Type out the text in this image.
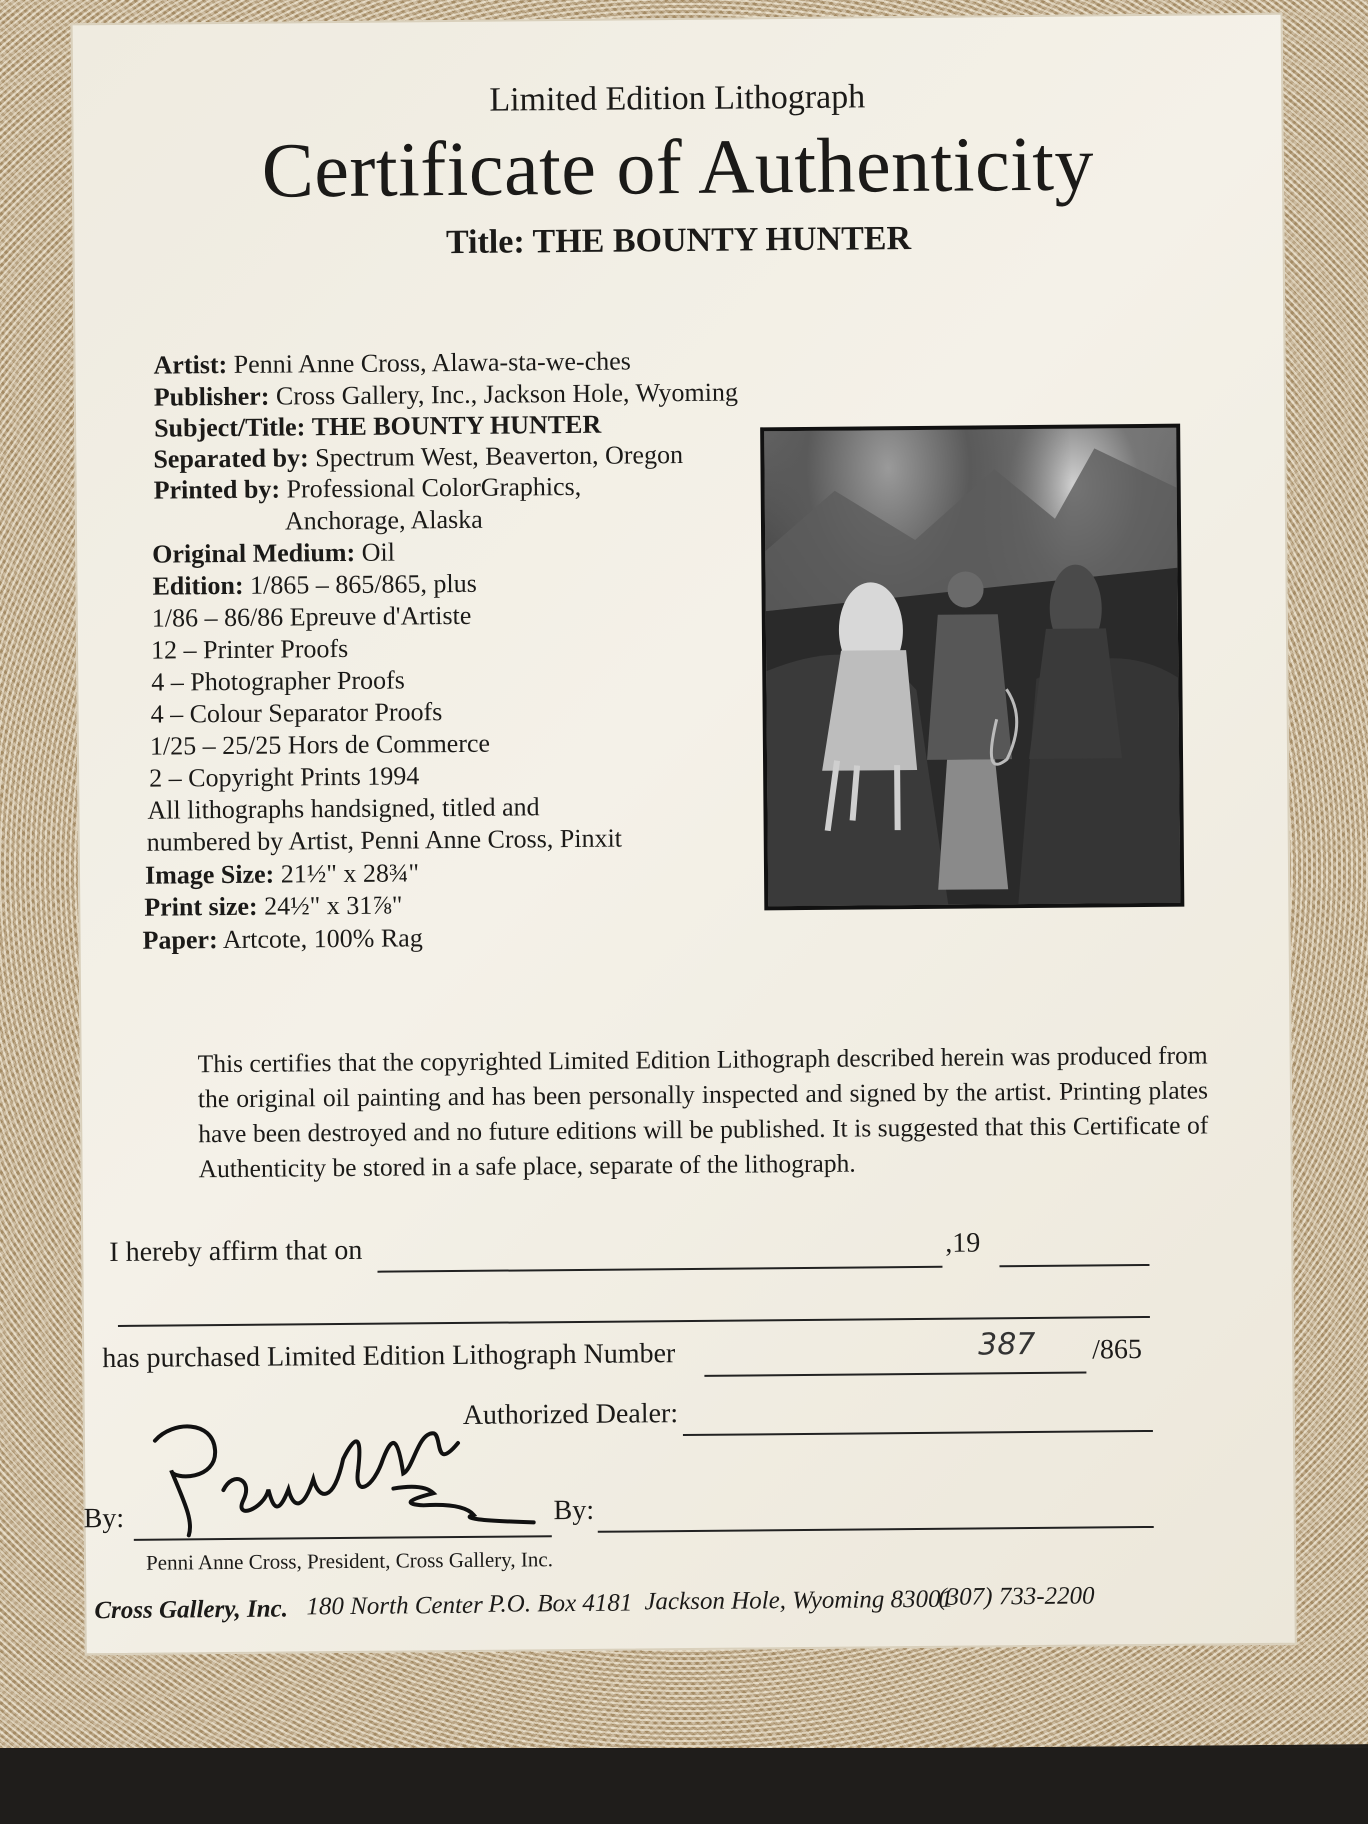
Limited Edition Lithograph
Certificate of Authenticity
Title: THE BOUNTY HUNTER
Artist: Penni Anne Cross, Alawa-sta-we-ches
Publisher: Cross Gallery, Inc., Jackson Hole, Wyoming
Subject/Title: THE BOUNTY HUNTER
Separated by: Spectrum West, Beaverton, Oregon
Printed by: Professional ColorGraphics,
Anchorage, Alaska
Original Medium: Oil
Edition: 1/865 – 865/865, plus
1/86 – 86/86 Epreuve d'Artiste
12 – Printer Proofs
4 – Photographer Proofs
4 – Colour Separator Proofs
1/25 – 25/25 Hors de Commerce
2 – Copyright Prints 1994
All lithographs handsigned, titled and
numbered by Artist, Penni Anne Cross, Pinxit
Image Size: 21½" x 28¾"
Print size: 24½" x 31⅞"
Paper: Artcote, 100% Rag
This certifies that the copyrighted Limited Edition Lithograph described herein was produced from the original oil painting and has been personally inspected and signed by the artist. Printing plates have been destroyed and no future editions will be published. It is suggested that this Certificate of Authenticity be stored in a safe place, separate of the lithograph.
I hereby affirm that on	,19
has purchased Limited Edition Lithograph Number	387 /865
Authorized Dealer:
By:	By:
Penni Anne Cross, President, Cross Gallery, Inc.
Cross Gallery, Inc. 180 North Center P.O. Box 4181 Jackson Hole, Wyoming 83001
(307) 733-2200
